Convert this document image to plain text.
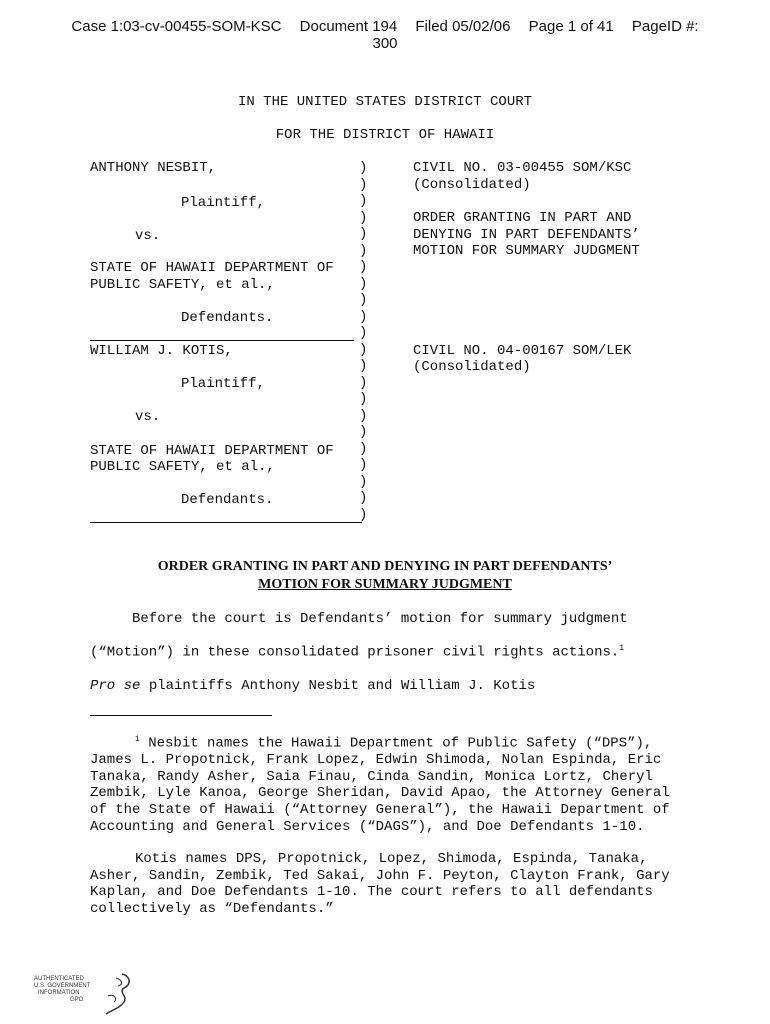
Case 1:03-cv-00455-SOM-KSC Document 194 Filed 05/02/06 Page 1 of 41 PageID #:
300
IN THE UNITED STATES DISTRICT COURT
FOR THE DISTRICT OF HAWAII
ANTHONY NESBIT,
Plaintiff,
vs.
STATE OF HAWAII DEPARTMENT OF
PUBLIC SAFETY, et al.,
Defendants.
CIVIL NO. 03-00455 SOM/KSC
(Consolidated)
ORDER GRANTING IN PART AND
DENYING IN PART DEFENDANTS’
MOTION FOR SUMMARY JUDGMENT
WILLIAM J. KOTIS,
Plaintiff,
vs.
STATE OF HAWAII DEPARTMENT OF
PUBLIC SAFETY, et al.,
Defendants.
CIVIL NO. 04-00167 SOM/LEK
(Consolidated)
)
)
)
)
)
)
)
)
)
)
)
)
)
)
)
)
)
)
)
)
)
)
ORDER GRANTING IN PART AND DENYING IN PART DEFENDANTS’
MOTION FOR SUMMARY JUDGMENT
Before the court is Defendants’ motion for summary judgment
(“Motion”) in these consolidated prisoner civil rights actions.$^1$
Pro se plaintiffs Anthony Nesbit and William J. Kotis

$^1$ Nesbit names the Hawaii Department of Public Safety (“DPS”), James L. Propotnick, Frank Lopez, Edwin Shimoda, Nolan Espinda, Eric Tanaka, Randy Asher, Saia Finau, Cinda Sandin, Monica Lortz, Cheryl Zembik, Lyle Kanoa, George Sheridan, David Apao, the Attorney General of the State of Hawaii (“Attorney General”), the Hawaii Department of Accounting and General Services (“DAGS”), and Doe Defendants 1-10.

Kotis names DPS, Propotnick, Lopez, Shimoda, Espinda, Tanaka, Asher, Sandin, Zembik, Ted Sakai, John F. Peyton, Clayton Frank, Gary Kaplan, and Doe Defendants 1-10. The court refers to all defendants collectively as “Defendants.”

AUTHENTICATED
U.S. GOVERNMENT
INFORMATION
GPO
